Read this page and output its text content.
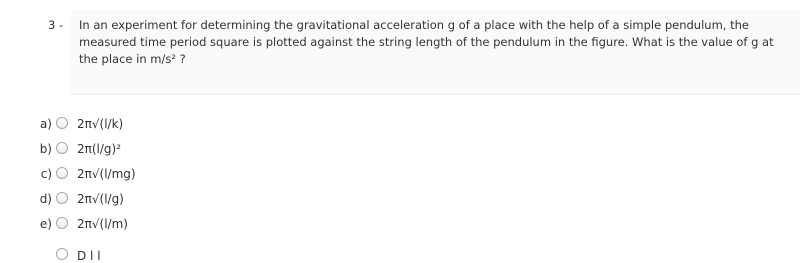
3 - In an experiment for determining the gravitational acceleration g of a place with the help of a simple pendulum, the measured time period square is plotted against the string length of the pendulum in the figure. What is the value of g at the place in m/s² ?
a) 2π√(l/k)
b) 2π(l/g)²
c) 2π√(l/mg)
d) 2π√(l/g)
e) 2π√(l/m)
D l l
